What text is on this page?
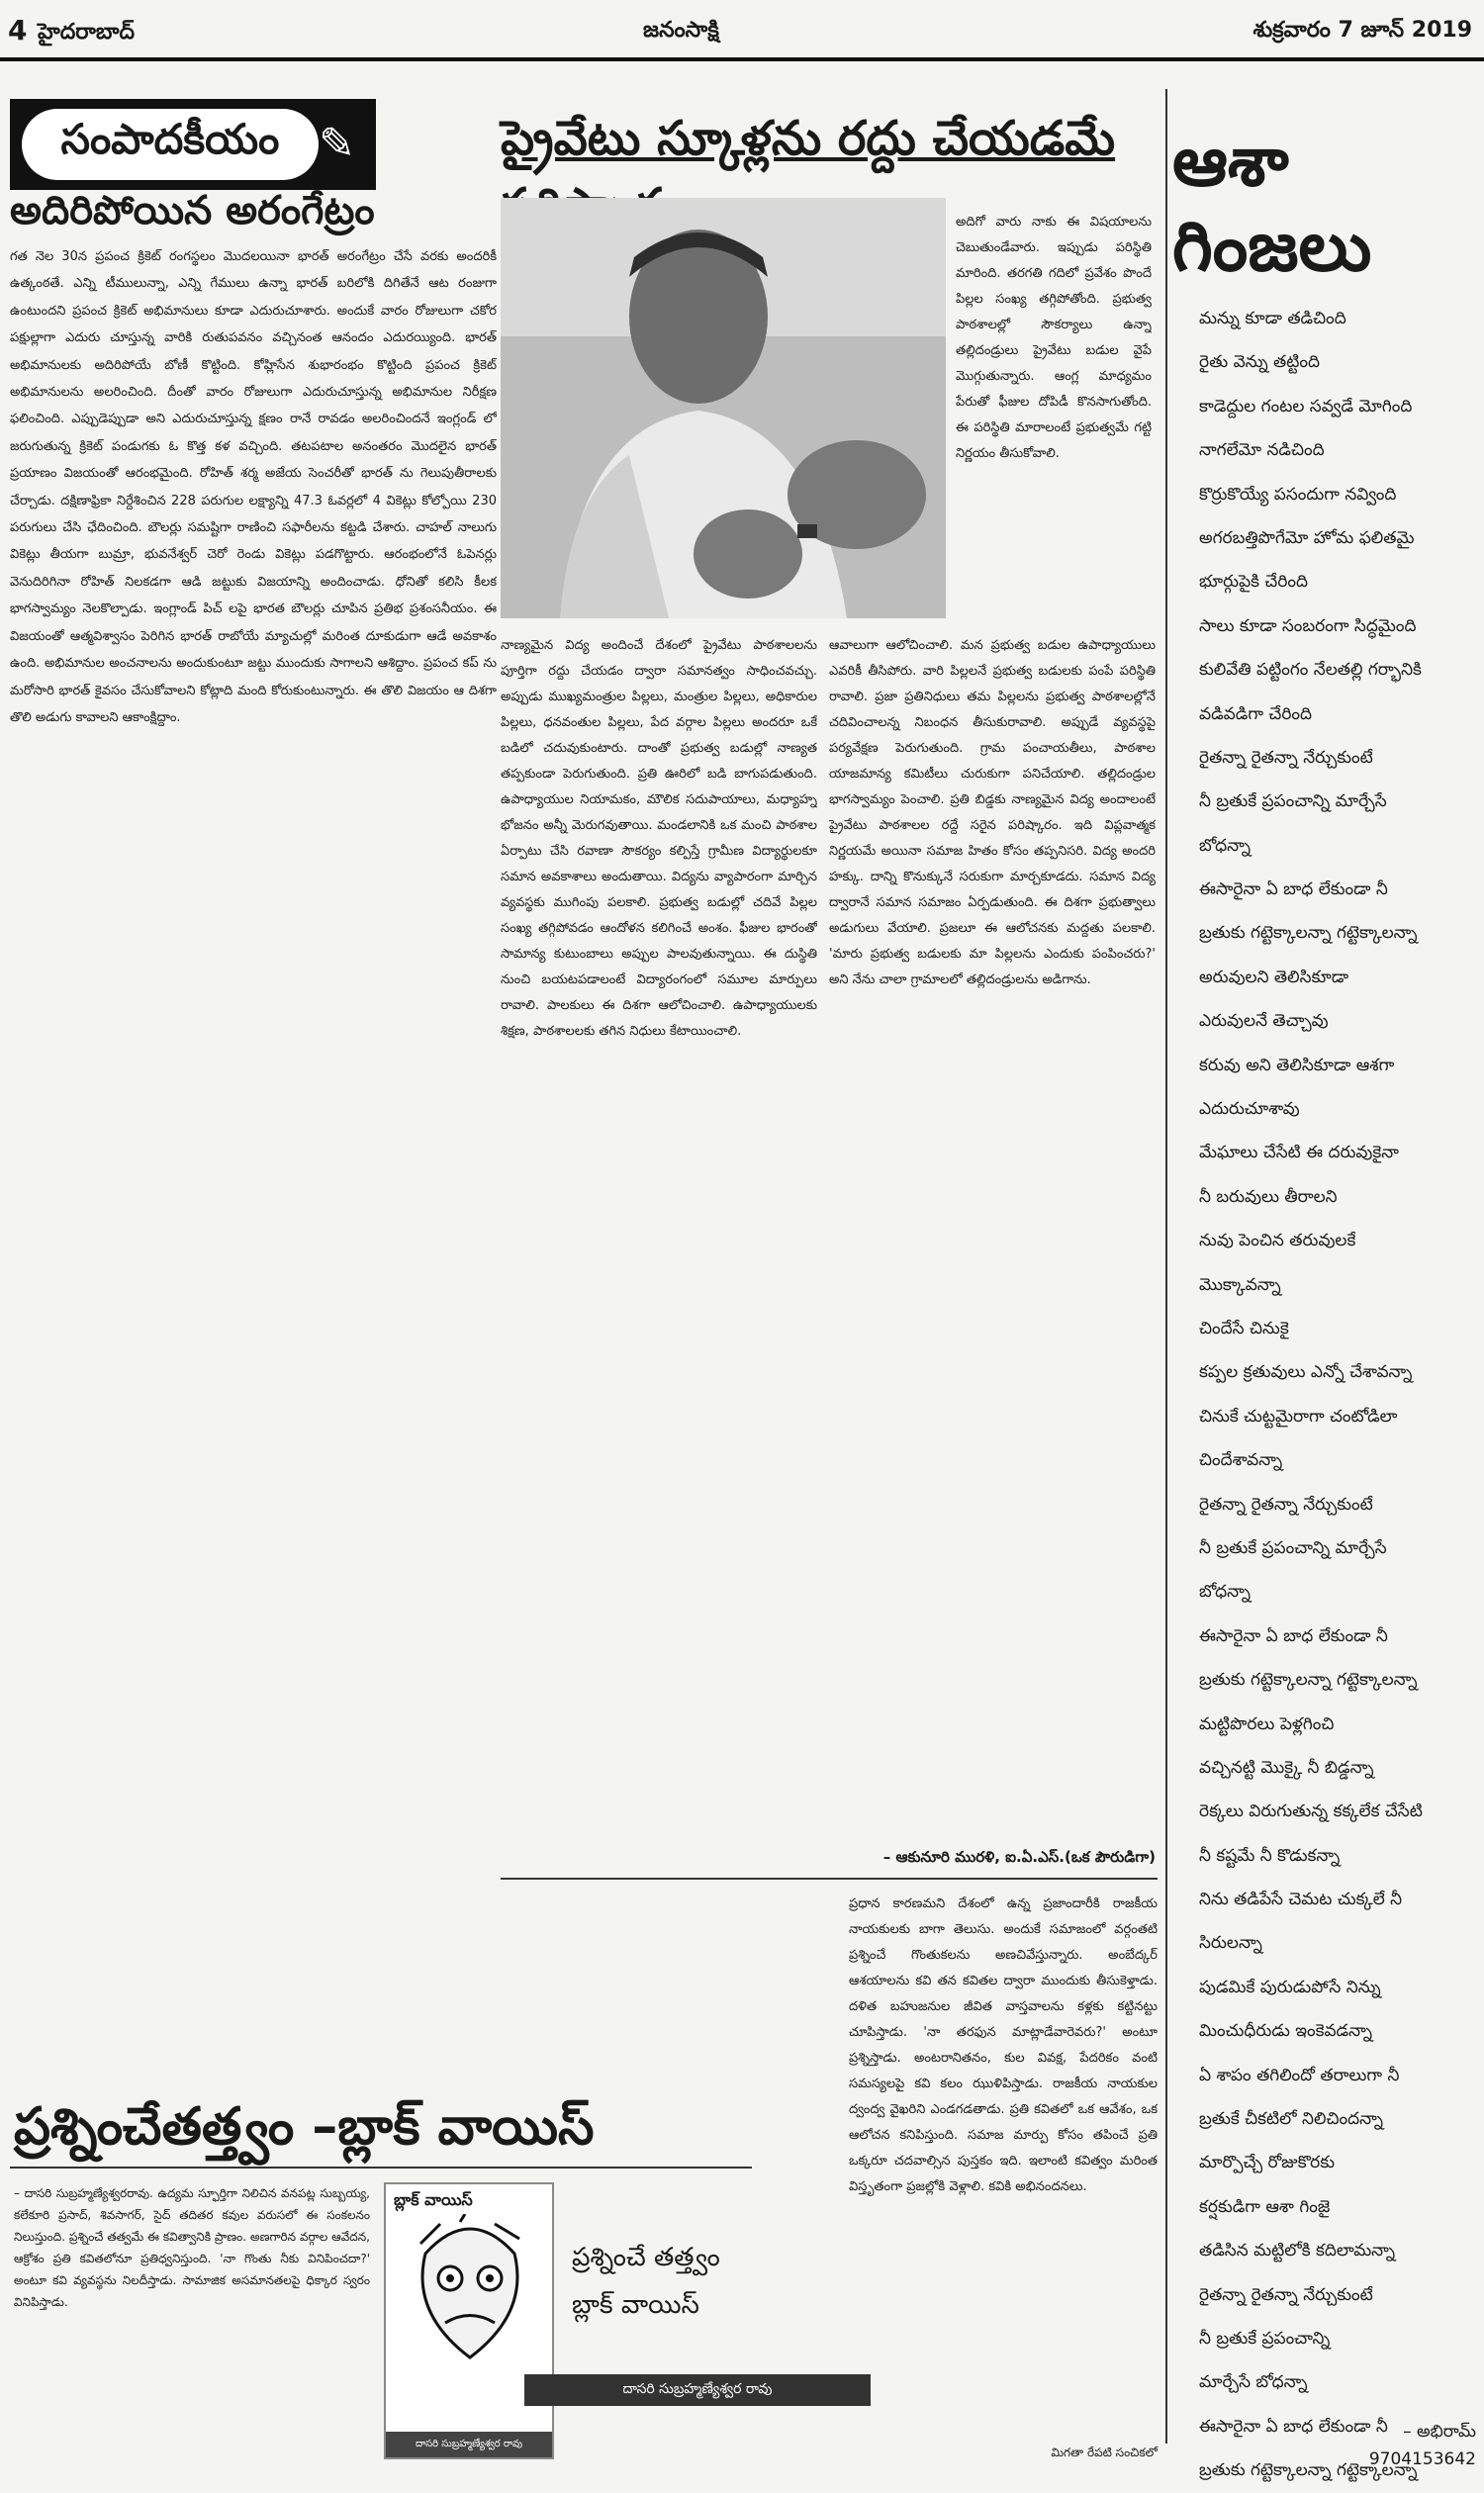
4 హైదరాబాద్	జనంసాక్షి	శుక్రవారం 7 జూన్ 2019
సంపాదకీయం ✎
అదిరిపోయిన అరంగేట్రం
గత నెల 30న ప్రపంచ క్రికెట్ రంగస్థలం మొదలయినా భారత్ అరంగేట్రం చేసే వరకు అందరికీ ఉత్కంఠతే. ఎన్ని టీములున్నా, ఎన్ని గేములు ఉన్నా భారత్ బరిలోకి దిగితేనే ఆట రంజుగా ఉంటుందని ప్రపంచ క్రికెట్ అభిమానులు కూడా ఎదురుచూశారు. అందుకే వారం రోజులుగా చకోర పక్షుల్లాగా ఎదురు చూస్తున్న వారికి రుతుపవనం వచ్చినంత ఆనందం ఎదురయ్యింది. భారత్ అభిమానులకు అదిరిపోయే బోణీ కొట్టింది. కోహ్లిసేన శుభారంభం కొట్టింది ప్రపంచ క్రికెట్ అభిమానులను అలరించింది. దీంతో వారం రోజులుగా ఎదురుచూస్తున్న అభిమానుల నిరీక్షణ ఫలించింది. ఎప్పుడెప్పుడా అని ఎదురుచూస్తున్న క్షణం రానే రావడం అలరించిందనే ఇంగ్లండ్ లో జరుగుతున్న క్రికెట్ పండుగకు ఓ కొత్త కళ వచ్చింది. తటపటాల అనంతరం మొదలైన భారత్ ప్రయాణం విజయంతో ఆరంభమైంది. రోహిత్ శర్మ అజేయ సెంచరీతో భారత్ ను గెలుపుతీరాలకు చేర్చాడు. దక్షిణాఫ్రికా నిర్దేశించిన 228 పరుగుల లక్ష్యాన్ని 47.3 ఓవర్లలో 4 వికెట్లు కోల్పోయి 230 పరుగులు చేసి ఛేదించింది. బౌలర్లు సమష్టిగా రాణించి సఫారీలను కట్టడి చేశారు. చాహల్ నాలుగు వికెట్లు తీయగా బుమ్రా, భువనేశ్వర్ చెరో రెండు వికెట్లు పడగొట్టారు. ఆరంభంలోనే ఓపెనర్లు వెనుదిరిగినా రోహిత్ నిలకడగా ఆడి జట్టుకు విజయాన్ని అందించాడు. ధోనితో కలిసి కీలక భాగస్వామ్యం నెలకొల్పాడు. ఇంగ్లాండ్ పిచ్ లపై భారత బౌలర్లు చూపిన ప్రతిభ ప్రశంసనీయం. ఈ విజయంతో ఆత్మవిశ్వాసం పెరిగిన భారత్ రాబోయే మ్యాచుల్లో మరింత దూకుడుగా ఆడే అవకాశం ఉంది. అభిమానుల అంచనాలను అందుకుంటూ జట్టు ముందుకు సాగాలని ఆశిద్దాం. ప్రపంచ కప్ ను మరోసారి భారత్ కైవసం చేసుకోవాలని కోట్లాది మంది కోరుకుంటున్నారు. ఈ తొలి విజయం ఆ దిశగా తొలి అడుగు కావాలని ఆకాంక్షిద్దాం.
ప్రైవేటు స్కూళ్లను రద్దు చేయడమే
అదిగో వారు నాకు ఈ విషయాలను చెబుతుండేవారు. ఇప్పుడు పరిస్థితి మారింది. తరగతి గదిలో ప్రవేశం పొందే పిల్లల సంఖ్య తగ్గిపోతోంది. ప్రభుత్వ పాఠశాలల్లో సౌకర్యాలు ఉన్నా తల్లిదండ్రులు ప్రైవేటు బడుల వైపే మొగ్గుతున్నారు. ఆంగ్ల మాధ్యమం పేరుతో ఫీజుల దోపిడీ కొనసాగుతోంది. ఈ పరిస్థితి మారాలంటే ప్రభుత్వమే గట్టి నిర్ణయం తీసుకోవాలి.
నాణ్యమైన విద్య అందించే దేశంలో ప్రైవేటు పాఠశాలలను పూర్తిగా రద్దు చేయడం ద్వారా సమానత్వం సాధించవచ్చు. అప్పుడు ముఖ్యమంత్రుల పిల్లలు, మంత్రుల పిల్లలు, అధికారుల పిల్లలు, ధనవంతుల పిల్లలు, పేద వర్గాల పిల్లలు అందరూ ఒకే బడిలో చదువుకుంటారు. దాంతో ప్రభుత్వ బడుల్లో నాణ్యత తప్పకుండా పెరుగుతుంది. ప్రతి ఊరిలో బడి బాగుపడుతుంది. ఉపాధ్యాయుల నియామకం, మౌలిక సదుపాయాలు, మధ్యాహ్న భోజనం అన్నీ మెరుగవుతాయి. మండలానికి ఒక మంచి పాఠశాల ఏర్పాటు చేసి రవాణా సౌకర్యం కల్పిస్తే గ్రామీణ విద్యార్థులకూ సమాన అవకాశాలు అందుతాయి. విద్యను వ్యాపారంగా మార్చిన వ్యవస్థకు ముగింపు పలకాలి. ప్రభుత్వ బడుల్లో చదివే పిల్లల సంఖ్య తగ్గిపోవడం ఆందోళన కలిగించే అంశం. ఫీజుల భారంతో సామాన్య కుటుంబాలు అప్పుల పాలవుతున్నాయి. ఈ దుస్థితి నుంచి బయటపడాలంటే విద్యారంగంలో సమూల మార్పులు రావాలి. పాలకులు ఈ దిశగా ఆలోచించాలి. ఉపాధ్యాయులకు శిక్షణ, పాఠశాలలకు తగిన నిధులు కేటాయించాలి.
ఆవాలుగా ఆలోచించాలి. మన ప్రభుత్వ బడుల ఉపాధ్యాయులు ఎవరికీ తీసిపోరు. వారి పిల్లలనే ప్రభుత్వ బడులకు పంపే పరిస్థితి రావాలి. ప్రజా ప్రతినిధులు తమ పిల్లలను ప్రభుత్వ పాఠశాలల్లోనే చదివించాలన్న నిబంధన తీసుకురావాలి. అప్పుడే వ్యవస్థపై పర్యవేక్షణ పెరుగుతుంది. గ్రామ పంచాయతీలు, పాఠశాల యాజమాన్య కమిటీలు చురుకుగా పనిచేయాలి. తల్లిదండ్రుల భాగస్వామ్యం పెంచాలి. ప్రతి బిడ్డకు నాణ్యమైన విద్య అందాలంటే ప్రైవేటు పాఠశాలల రద్దే సరైన పరిష్కారం. ఇది విప్లవాత్మక నిర్ణయమే అయినా సమాజ హితం కోసం తప్పనిసరి. విద్య అందరి హక్కు. దాన్ని కొనుక్కునే సరుకుగా మార్చకూడదు. సమాన విద్య ద్వారానే సమాన సమాజం ఏర్పడుతుంది. ఈ దిశగా ప్రభుత్వాలు అడుగులు వేయాలి. ప్రజలూ ఈ ఆలోచనకు మద్దతు పలకాలి. 'మారు ప్రభుత్వ బడులకు మా పిల్లలను ఎందుకు పంపించరు?' అని నేను చాలా గ్రామాలలో తల్లిదండ్రులను అడిగాను.
– ఆకునూరి మురళి, ఐ.ఏ.ఎస్.(ఒక పౌరుడిగా)
ఆశా
గింజలు
మన్ను కూడా తడిచింది
రైతు వెన్ను తట్టింది
కాడెద్దుల గంటల సవ్వడే మోగింది
నాగలేమో నడిచింది
కొర్రుకొయ్యే పసందుగా నవ్వింది
అగరబత్తిపొగేమో హోమ ఫలితమై
భూర్గుపైకి చేరింది
సాలు కూడా సంబరంగా సిద్ధమైంది
కులివేతి పట్టింగం నేలతల్లి గర్భానికి
వడివడిగా చేరింది
రైతన్నా రైతన్నా నేర్చుకుంటే
నీ బ్రతుకే ప్రపంచాన్ని మార్చేసే
బోధన్నా
ఈసారైనా ఏ బాధ లేకుండా నీ
బ్రతుకు గట్టెక్కాలన్నా గట్టెక్కాలన్నా
అరువులని తెలిసికూడా
ఎరువులనే తెచ్చావు
కరువు అని తెలిసికూడా ఆశగా
ఎదురుచూశావు
మేఘాలు చేసేటి ఈ దరువుకైనా
నీ బరువులు తీరాలని
నువు పెంచిన తరువులకే
మొక్కావన్నా
చిందేసే చినుకై
కప్పల క్రతువులు ఎన్నో చేశావన్నా
చినుకే చుట్టమైరాగా చంటోడిలా
చిందేశావన్నా
రైతన్నా రైతన్నా నేర్చుకుంటే
నీ బ్రతుకే ప్రపంచాన్ని మార్చేసే
బోధన్నా
ఈసారైనా ఏ బాధ లేకుండా నీ
బ్రతుకు గట్టెక్కాలన్నా గట్టెక్కాలన్నా
మట్టిపొరలు పెళ్లగించి
వచ్చినట్టి మొక్కై నీ బిడ్డన్నా
రెక్కలు విరుగుతున్న కక్కలేక చేసేటి
నీ కష్టమే నీ కొడుకన్నా
నిను తడిపేసే చెమట చుక్కలే నీ
సిరులన్నా
పుడమికే పురుడుపోసే నిన్ను
మించుధీరుడు ఇంకెవడన్నా
ఏ శాపం తగిలిందో తరాలుగా నీ
బ్రతుకే చీకటిలో నిలిచిందన్నా
మార్పొచ్చే రోజుకొరకు
కర్షకుడిగా ఆశా గింజై
తడిసిన మట్టిలోకి కదిలామన్నా
రైతన్నా రైతన్నా నేర్చుకుంటే
నీ బ్రతుకే ప్రపంచాన్ని
మార్చేసే బోధన్నా
ఈసారైనా ఏ బాధ లేకుండా నీ
బ్రతుకు గట్టెక్కాలన్నా గట్టెక్కాలన్నా
– అభిరామ్
9704153642
ప్రశ్నించేతత్త్వం –బ్లాక్ వాయిస్
– దాసరి సుబ్రహ్మణ్యేశ్వరరావు. ఉద్యమ స్ఫూర్తిగా నిలిచిన వనపట్ల సుబ్బయ్య, కలేకూరి ప్రసాద్, శివసాగర్, సైద్ తదితర కవుల వరుసలో ఈ సంకలనం నిలుస్తుంది. ప్రశ్నించే తత్వమే ఈ కవిత్వానికి ప్రాణం. అణగారిన వర్గాల ఆవేదన, ఆక్రోశం ప్రతి కవితలోనూ ప్రతిధ్వనిస్తుంది. 'నా గొంతు నీకు వినిపించదా?' అంటూ కవి వ్యవస్థను నిలదీస్తాడు. సామాజిక అసమానతలపై ధిక్కార స్వరం వినిపిస్తాడు.
బ్లాక్ వాయిస్
దాసరి సుబ్రహ్మణ్యేశ్వర రావు
ప్రశ్నించే తత్త్వం
బ్లాక్ వాయిస్
దాసరి సుబ్రహ్మణ్యేశ్వర రావు
ప్రధాన కారణమని దేశంలో ఉన్న ప్రజాందారీకి రాజకీయ నాయకులకు బాగా తెలుసు. అందుకే సమాజంలో వర్గంతటి ప్రశ్నించే గొంతుకలను అణచివేస్తున్నారు. అంబేద్కర్ ఆశయాలను కవి తన కవితల ద్వారా ముందుకు తీసుకెళ్తాడు. దళిత బహుజనుల జీవిత వాస్తవాలను కళ్లకు కట్టినట్టు చూపిస్తాడు. 'నా తరఫున మాట్లాడేవారెవరు?' అంటూ ప్రశ్నిస్తాడు. అంటరానితనం, కుల వివక్ష, పేదరికం వంటి సమస్యలపై కవి కలం ఝుళిపిస్తాడు. రాజకీయ నాయకుల ద్వంద్వ వైఖరిని ఎండగడతాడు. ప్రతి కవితలో ఒక ఆవేశం, ఒక ఆలోచన కనిపిస్తుంది. సమాజ మార్పు కోసం తపించే ప్రతి ఒక్కరూ చదవాల్సిన పుస్తకం ఇది. ఇలాంటి కవిత్వం మరింత విస్తృతంగా ప్రజల్లోకి వెళ్లాలి. కవికి అభినందనలు.
మిగతా రేపటి సంచికలో
